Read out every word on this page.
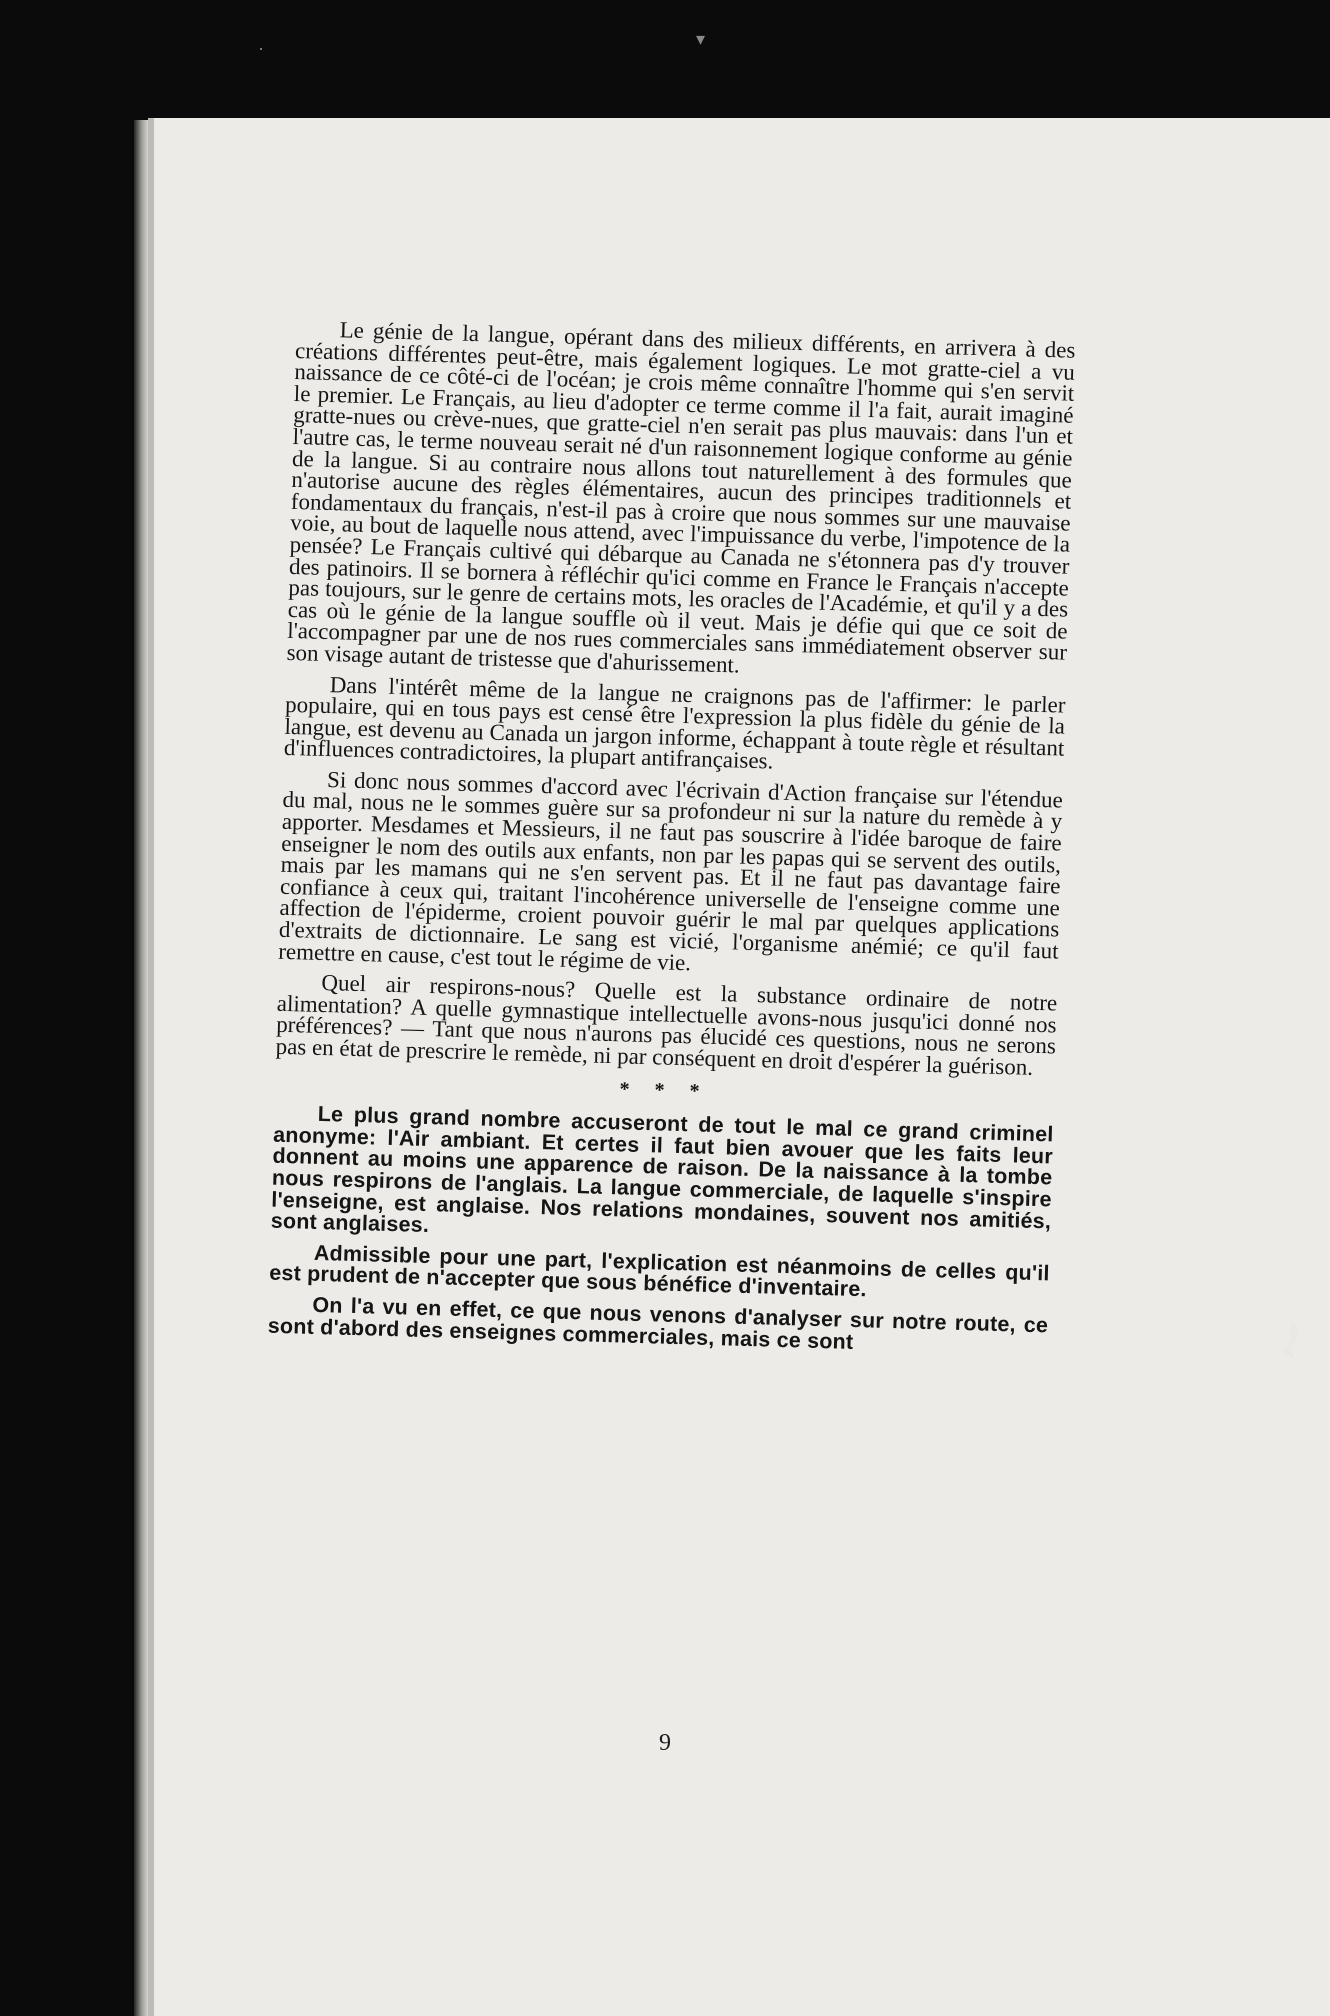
·	▾

Le génie de la langue, opérant dans des milieux différents, en arrivera à des créations différentes peut-être, mais également logiques. Le mot gratte-ciel a vu naissance de ce côté-ci de l'océan; je crois même connaître l'homme qui s'en servit le premier. Le Français, au lieu d'adopter ce terme comme il l'a fait, aurait imaginé gratte-nues ou crève-nues, que gratte-ciel n'en serait pas plus mauvais: dans l'un et l'autre cas, le terme nouveau serait né d'un raisonnement logique conforme au génie de la langue. Si au contraire nous allons tout naturellement à des formules que n'autorise aucune des règles élémentaires, aucun des principes traditionnels et fondamentaux du français, n'est-il pas à croire que nous sommes sur une mauvaise voie, au bout de laquelle nous attend, avec l'impuissance du verbe, l'impotence de la pensée? Le Français cultivé qui débarque au Canada ne s'étonnera pas d'y trouver des patinoirs. Il se bornera à réfléchir qu'ici comme en France le Français n'accepte pas toujours, sur le genre de certains mots, les oracles de l'Académie, et qu'il y a des cas où le génie de la langue souffle où il veut. Mais je défie qui que ce soit de l'accompagner par une de nos rues commerciales sans immédiatement observer sur son visage autant de tristesse que d'ahurissement.

Dans l'intérêt même de la langue ne craignons pas de l'affirmer: le parler populaire, qui en tous pays est censé être l'expression la plus fidèle du génie de la langue, est devenu au Canada un jargon informe, échappant à toute règle et résultant d'influences contradictoires, la plupart antifrançaises.

Si donc nous sommes d'accord avec l'écrivain d'Action française sur l'étendue du mal, nous ne le sommes guère sur sa profondeur ni sur la nature du remède à y apporter. Mesdames et Messieurs, il ne faut pas souscrire à l'idée baroque de faire enseigner le nom des outils aux enfants, non par les papas qui se servent des outils, mais par les mamans qui ne s'en servent pas. Et il ne faut pas davantage faire confiance à ceux qui, traitant l'incohérence universelle de l'enseigne comme une affection de l'épiderme, croient pouvoir guérir le mal par quelques applications d'extraits de dictionnaire. Le sang est vicié, l'organisme anémié; ce qu'il faut remettre en cause, c'est tout le régime de vie.

Quel air respirons-nous? Quelle est la substance ordinaire de notre alimentation? A quelle gymnastique intellectuelle avons-nous jusqu'ici donné nos préférences? — Tant que nous n'aurons pas élucidé ces questions, nous ne serons pas en état de prescrire le remède, ni par conséquent en droit d'espérer la guérison.

* * *

Le plus grand nombre accuseront de tout le mal ce grand criminel anonyme: l'Air ambiant. Et certes il faut bien avouer que les faits leur donnent au moins une apparence de raison. De la naissance à la tombe nous respirons de l'anglais. La langue commerciale, de laquelle s'inspire l'enseigne, est anglaise. Nos relations mondaines, souvent nos amitiés, sont anglaises.

Admissible pour une part, l'explication est néanmoins de celles qu'il est prudent de n'accepter que sous bénéfice d'inventaire.

On l'a vu en effet, ce que nous venons d'analyser sur notre route, ce sont d'abord des enseignes commerciales, mais ce sont

9
